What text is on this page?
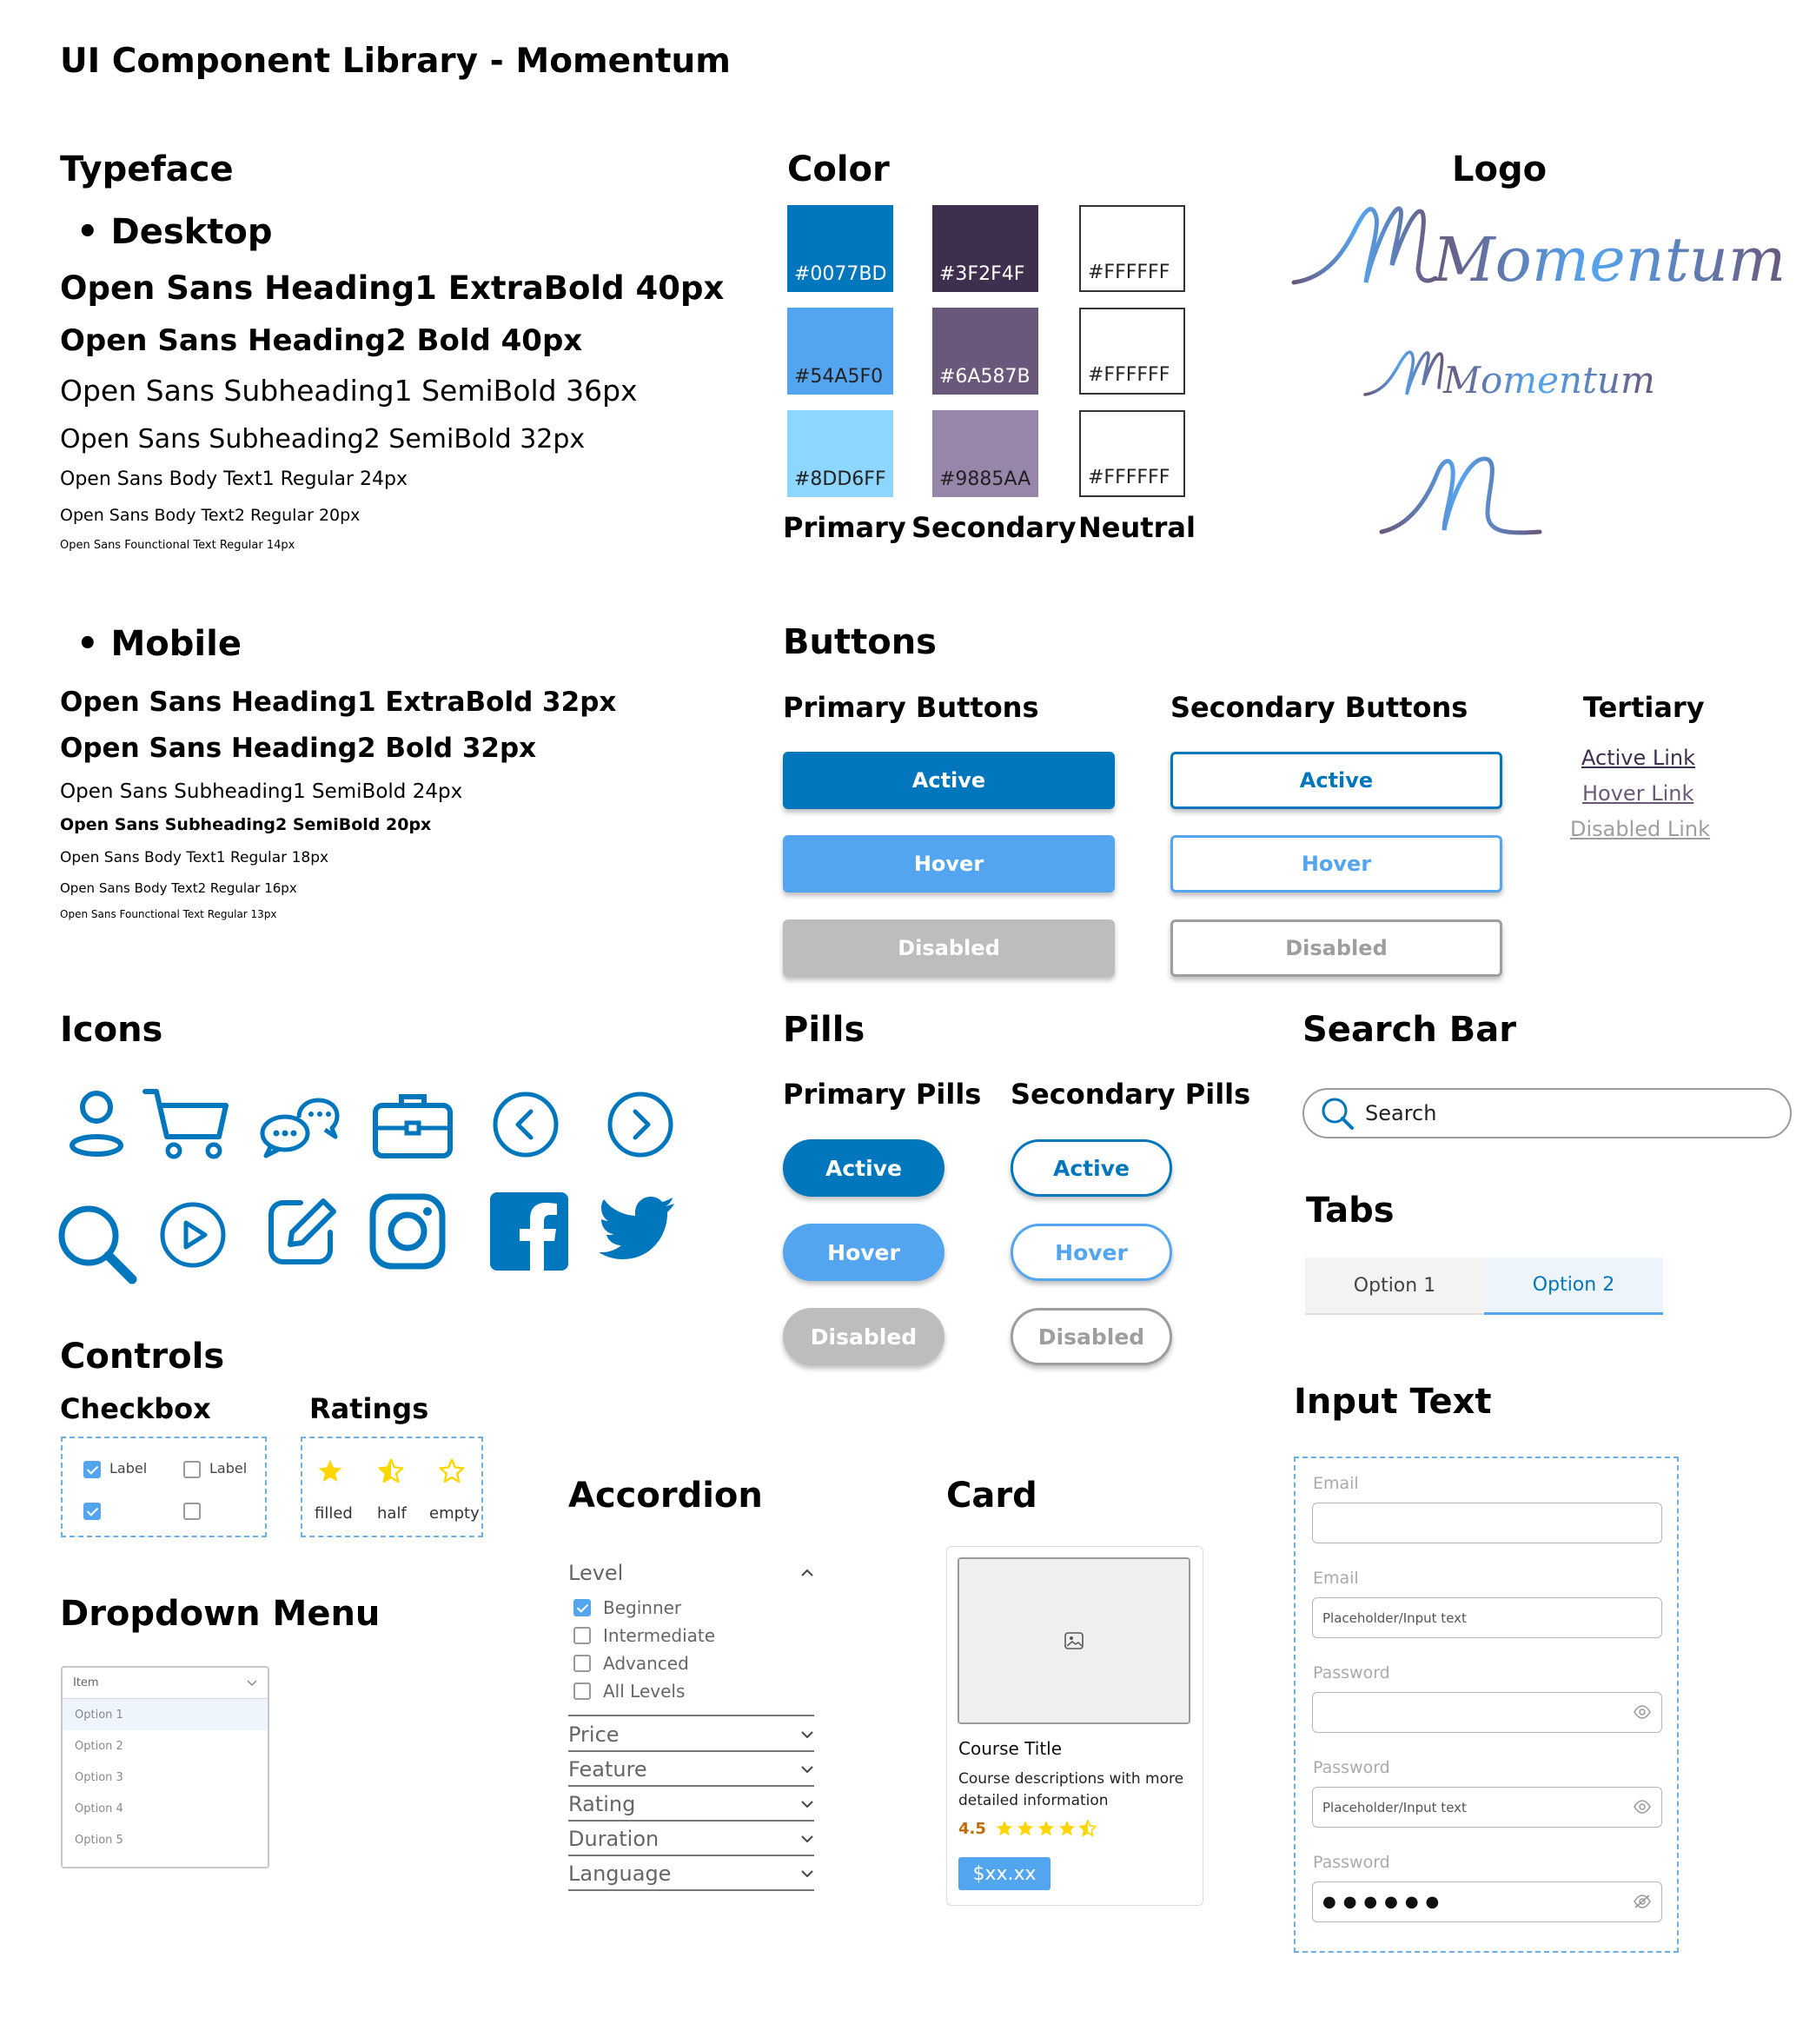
UI Component Library - Momentum
Typeface
• Desktop
Open Sans Heading1 ExtraBold 40px
Open Sans Heading2 Bold 40px
Open Sans Subheading1 SemiBold 36px
Open Sans Subheading2 SemiBold 32px
Open Sans Body Text1 Regular 24px
Open Sans Body Text2 Regular 20px
Open Sans Founctional Text Regular 14px
• Mobile
Open Sans Heading1 ExtraBold 32px
Open Sans Heading2 Bold 32px
Open Sans Subheading1 SemiBold 24px
Open Sans Subheading2 SemiBold 20px
Open Sans Body Text1 Regular 18px
Open Sans Body Text2 Regular 16px
Open Sans Founctional Text Regular 13px
Color
#0077BD
#54A5F0
#8DD6FF
#3F2F4F
#6A587B
#9885AA
#FFFFFF
#FFFFFF
#FFFFFF
Primary Secondary Neutral
Logo
Momentum
Momentum
Buttons
Primary Buttons	Secondary Buttons	Tertiary
Active
Hover
Disabled
Active
Hover
Disabled
Active Link
Hover Link
Disabled Link
Icons	Pills
Primary Pills Secondary Pills
Active
Hover
Disabled
Active
Hover
Disabled
Search Bar
Search
Tabs
Option 1	Option 2
Controls
Checkbox	Ratings
Label	Label
filled half empty
Dropdown Menu
Item
Option 1
Option 2
Option 3
Option 4
Option 5
Accordion
Level
Beginner
Intermediate
Advanced
All Levels
Price
Feature
Rating
Duration
Language
Card
Course Title
Course descriptions with more detailed information
4.5
$xx.xx
Input Text
Email
Email
Placeholder/Input text
Password
Password
Placeholder/Input text
Password
●●●●●●
